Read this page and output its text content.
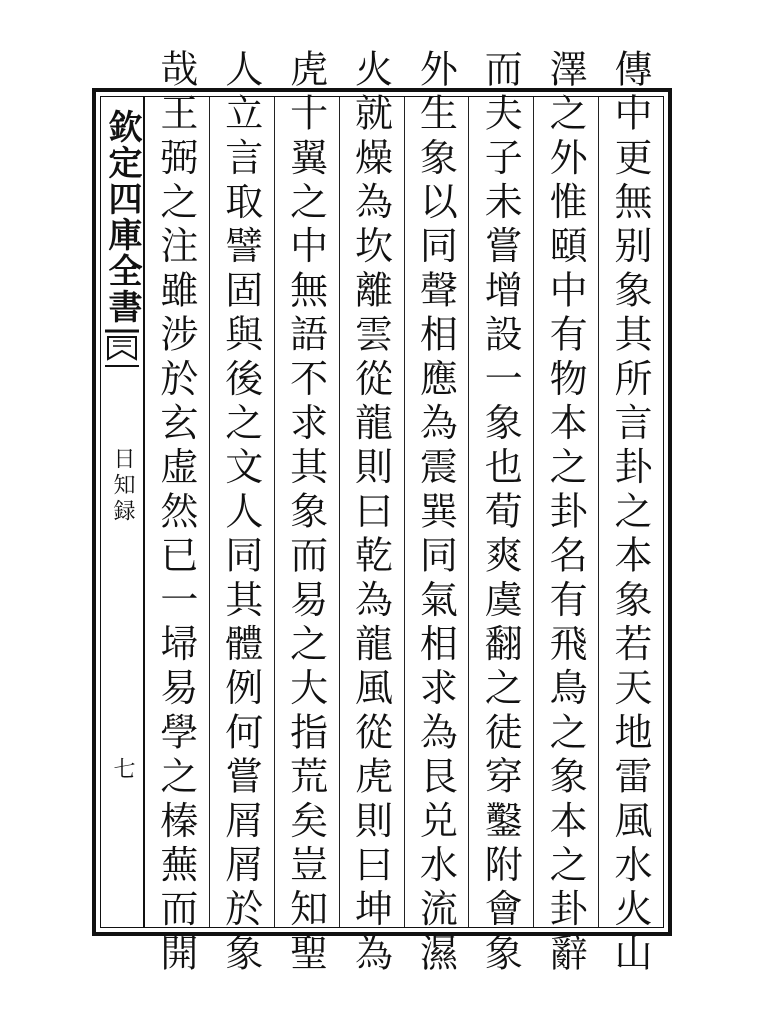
欽定四庫全書
日知録
七	傳中更無别象其所言卦之本象若天地雷風水火山
澤之外惟頤中有物本之卦名有飛鳥之象本之卦辭
而夫子未嘗增設一象也荀爽虞翻之徒穿鑿附會象
外生象以同聲相應為震巽同氣相求為艮兑水流濕
火就燥為坎離雲從龍則曰乾為龍風從虎則曰坤為
虎十翼之中無語不求其象而易之大指荒矣豈知聖
人立言取譬固與後之文人同其體例何嘗屑屑於象
哉王弼之注雖涉於玄虚然已一埽易學之榛蕪而開
